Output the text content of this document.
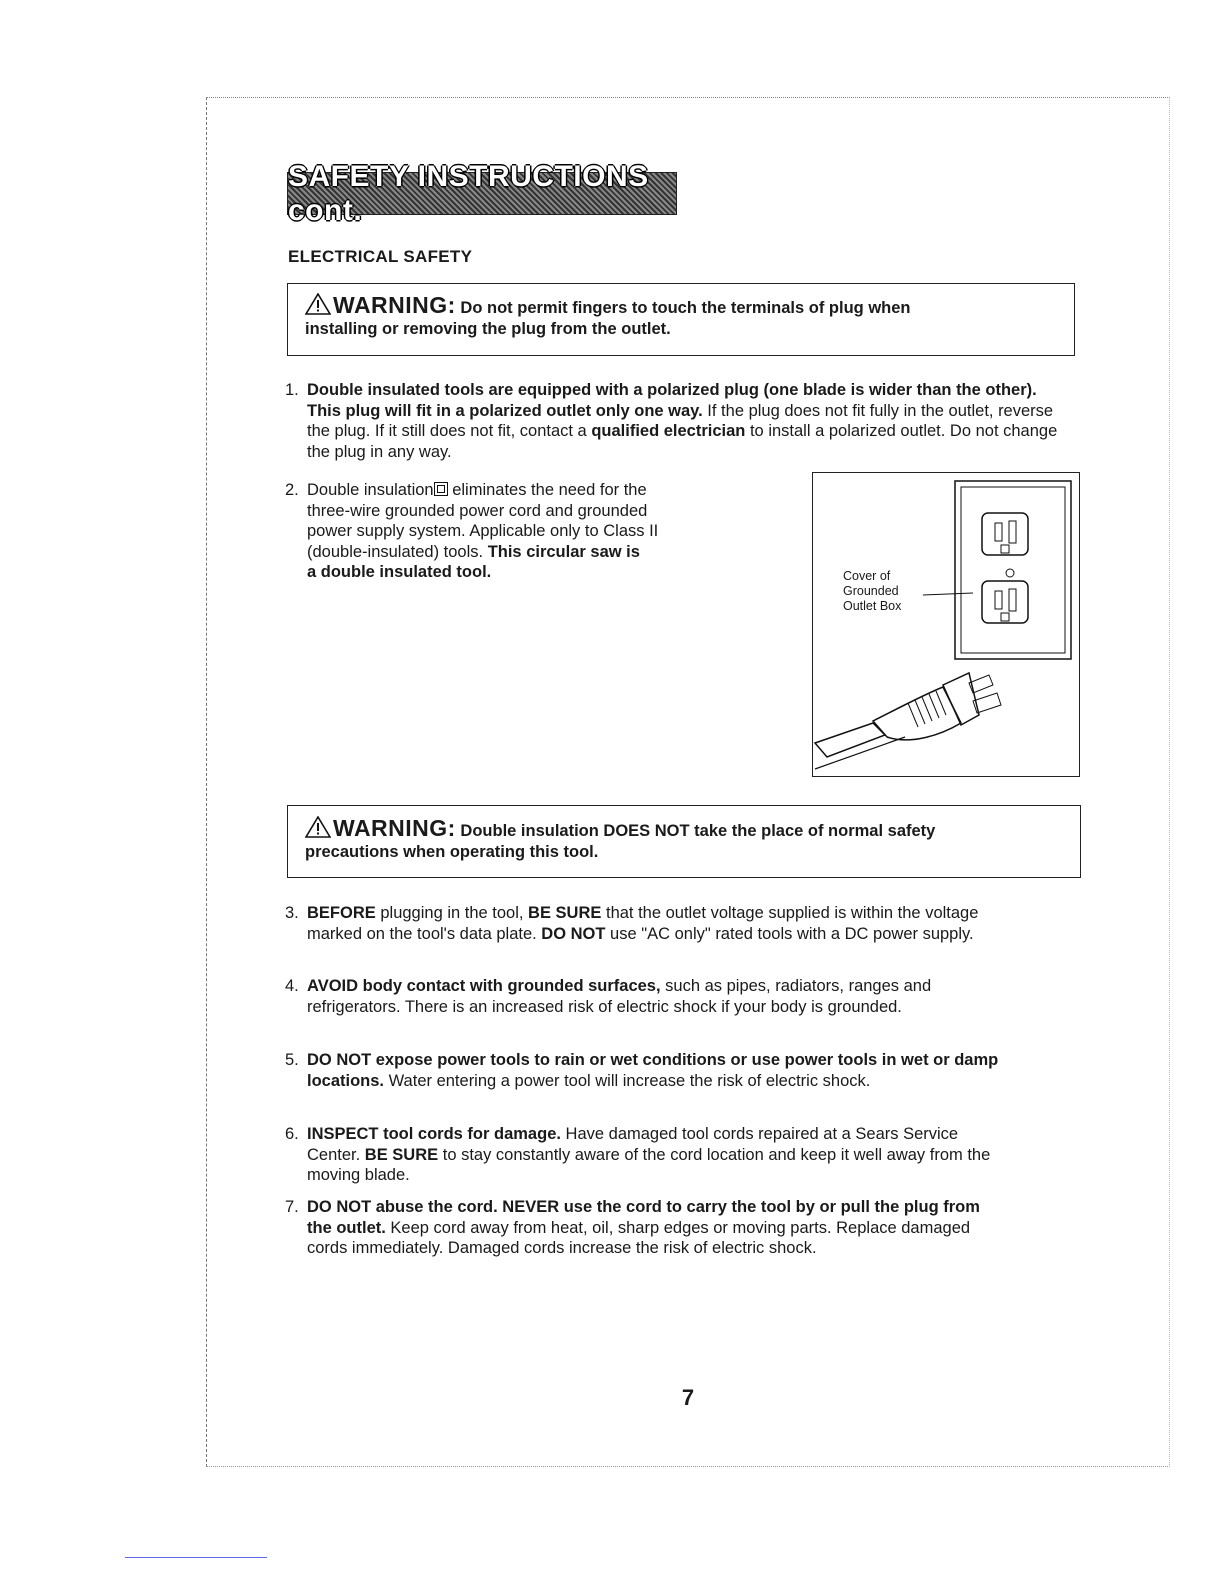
SAFETY INSTRUCTIONS cont.
ELECTRICAL SAFETY

WARNING: Do not permit fingers to touch the terminals of plug when
installing or removing the plug from the outlet.

1. Double insulated tools are equipped with a polarized plug (one blade is wider than the other). This plug will fit in a polarized outlet only one way. If the plug does not fit fully in the outlet, reverse the plug. If it still does not fit, contact a qualified electrician to install a polarized outlet. Do not change the plug in any way.
2. Double insulation eliminates the need for the
three-wire grounded power cord and grounded
power supply system. Applicable only to Class II
(double-insulated) tools. This circular saw is
a double insulated tool.	Cover of
Grounded
Outlet Box

WARNING: Double insulation DOES NOT take the place of normal safety
precautions when operating this tool.

3. BEFORE plugging in the tool, BE SURE that the outlet voltage supplied is within the voltage marked on the tool's data plate. DO NOT use "AC only" rated tools with a DC power supply.
4. AVOID body contact with grounded surfaces, such as pipes, radiators, ranges and refrigerators. There is an increased risk of electric shock if your body is grounded.
5. DO NOT expose power tools to rain or wet conditions or use power tools in wet or damp locations. Water entering a power tool will increase the risk of electric shock.
6. INSPECT tool cords for damage. Have damaged tool cords repaired at a Sears Service Center. BE SURE to stay constantly aware of the cord location and keep it well away from the moving blade.
7. DO NOT abuse the cord. NEVER use the cord to carry the tool by or pull the plug from the outlet. Keep cord away from heat, oil, sharp edges or moving parts. Replace damaged cords immediately. Damaged cords increase the risk of electric shock.
7
